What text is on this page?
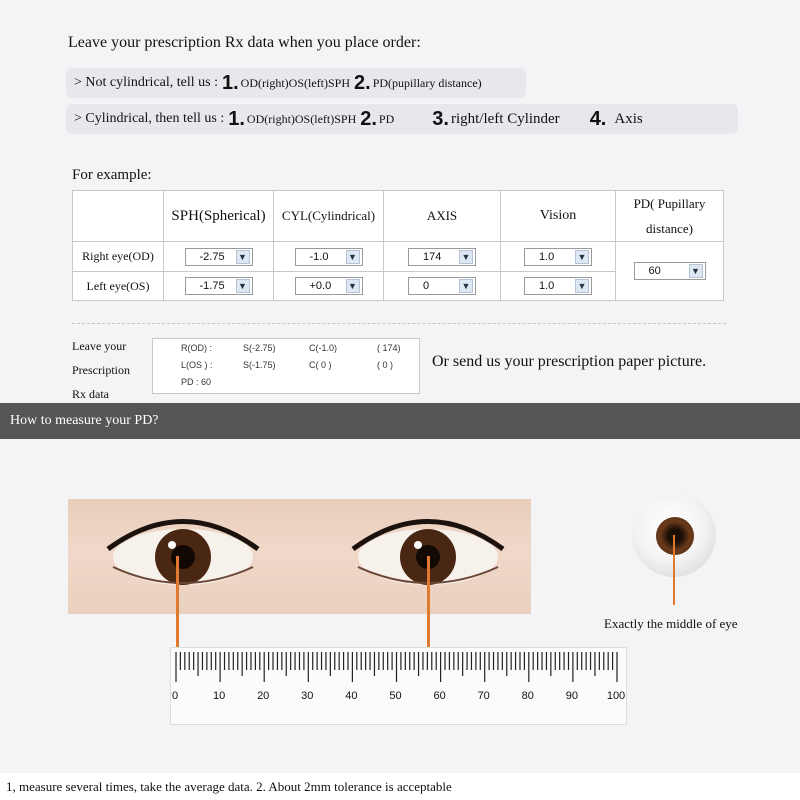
Leave your prescription Rx data when you place order:
> Not cylindrical, tell us : 1. OD(right)OS(left)SPH 2. PD(pupillary distance)
> Cylindrical, then tell us : 1. OD(right)OS(left)SPH 2. PD 3. right/left Cylinder 4. Axis
For example:
	SPH(Spherical)	CYL(Cylindrical)	AXIS	Vision	PD( Pupillary distance)
Right eye(OD)	-2.75 ▼	-1.0 ▼	174 ▼	1.0 ▼	60 ▼

Left eye(OS)	-1.75 ▼	+0.0 ▼	0 ▼	1.0 ▼	
Leave your
Prescription
Rx data
R(OD) :	S(-2.75)	C(-1.0)	( 174)
L(OS ) :	S(-1.75)	C( 0 )	( 0 )
PD : 60
Or send us your prescription paper picture.
How to measure your PD?
Exactly the middle of eye
0	10	20	30	40	50	60	70	80	90	100
1, measure several times, take the average data. 2. About 2mm tolerance is acceptable
